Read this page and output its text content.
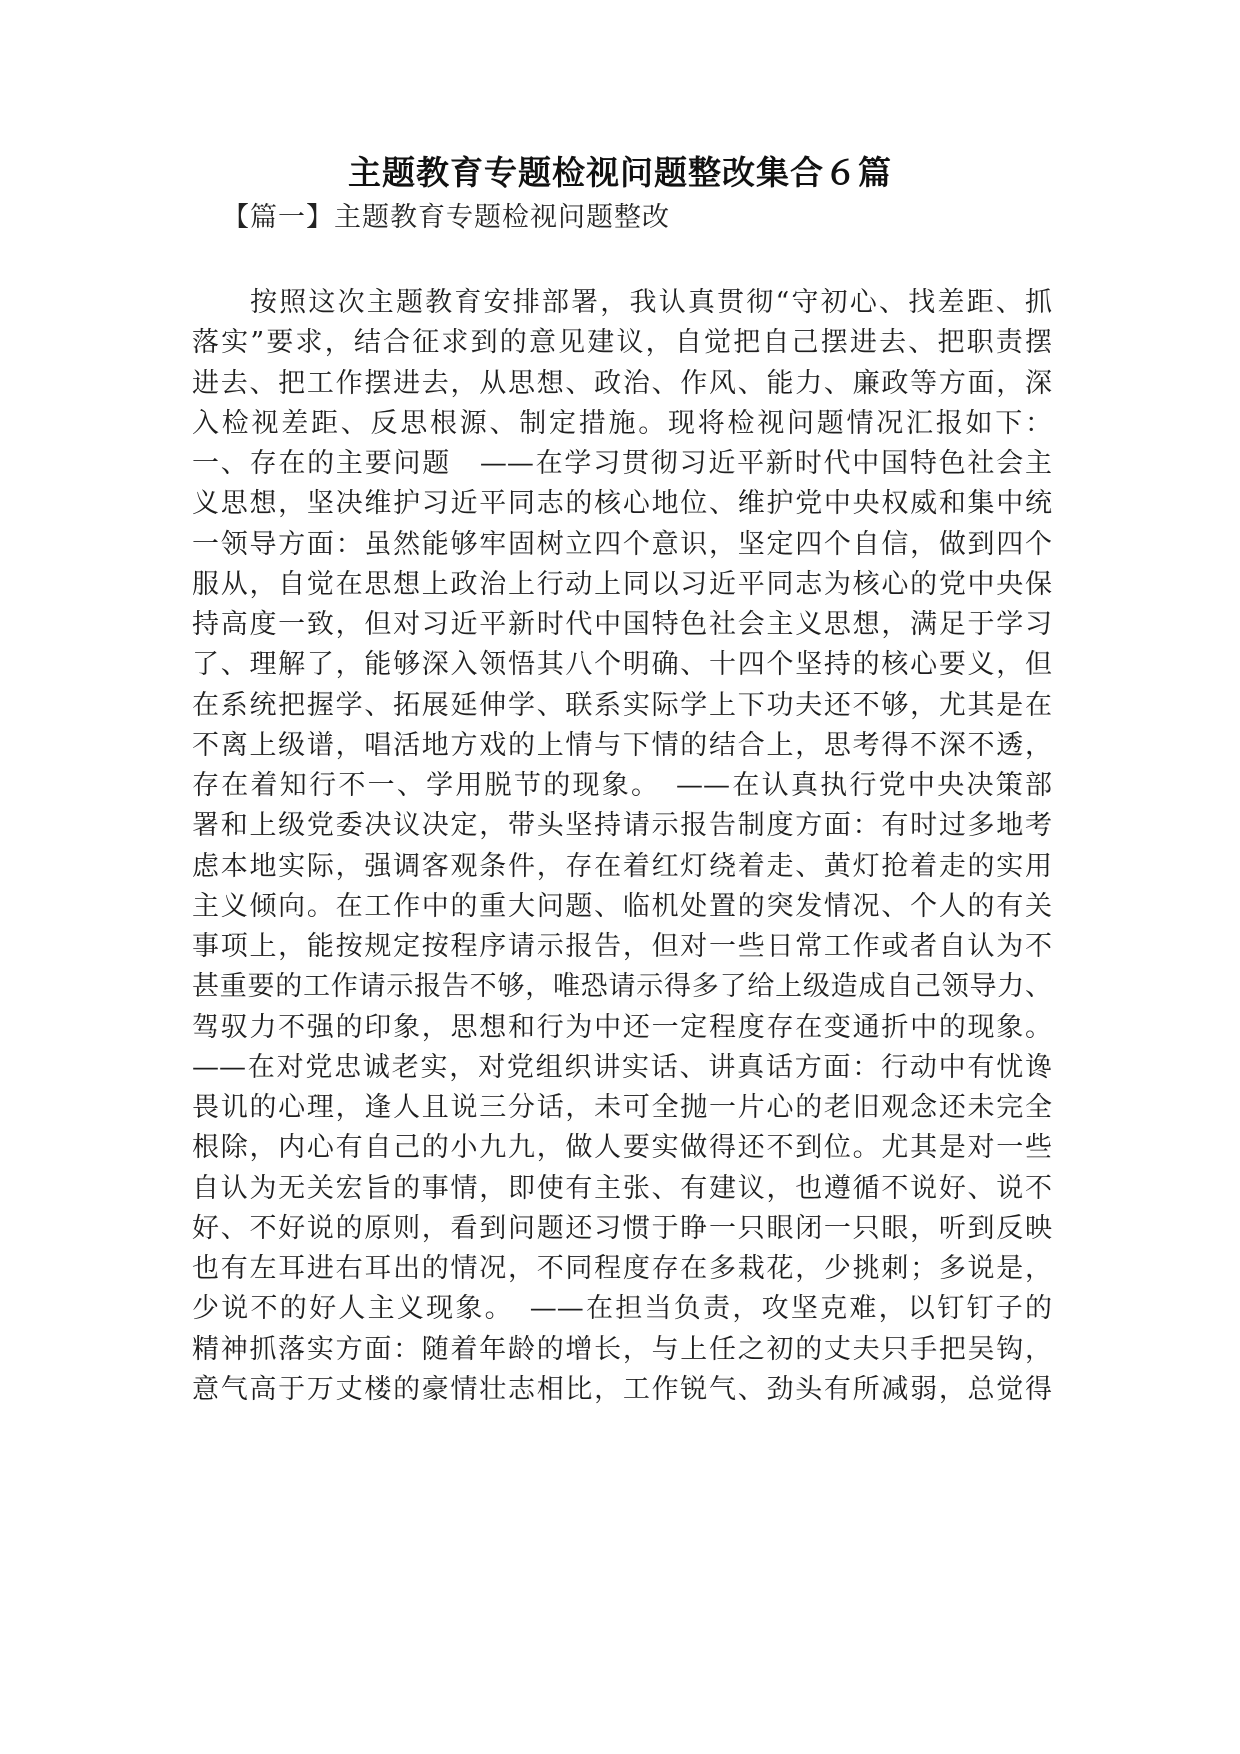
主题教育专题检视问题整改集合６篇
【篇一】主题教育专题检视问题整改
按照这次主题教育安排部署，我认真贯彻“守初心、找差距、抓
落实”要求，结合征求到的意见建议，自觉把自己摆进去、把职责摆
进去、把工作摆进去，从思想、政治、作风、能力、廉政等方面，深
入检视差距、反思根源、制定措施。现将检视问题情况汇报如下：
一、存在的主要问题　——在学习贯彻习近平新时代中国特色社会主
义思想，坚决维护习近平同志的核心地位、维护党中央权威和集中统
一领导方面：虽然能够牢固树立四个意识，坚定四个自信，做到四个
服从，自觉在思想上政治上行动上同以习近平同志为核心的党中央保
持高度一致，但对习近平新时代中国特色社会主义思想，满足于学习
了、理解了，能够深入领悟其八个明确、十四个坚持的核心要义，但
在系统把握学、拓展延伸学、联系实际学上下功夫还不够，尤其是在
不离上级谱，唱活地方戏的上情与下情的结合上，思考得不深不透，
存在着知行不一、学用脱节的现象。　——在认真执行党中央决策部
署和上级党委决议决定，带头坚持请示报告制度方面：有时过多地考
虑本地实际，强调客观条件，存在着红灯绕着走、黄灯抢着走的实用
主义倾向。在工作中的重大问题、临机处置的突发情况、个人的有关
事项上，能按规定按程序请示报告，但对一些日常工作或者自认为不
甚重要的工作请示报告不够，唯恐请示得多了给上级造成自己领导力、
驾驭力不强的印象，思想和行为中还一定程度存在变通折中的现象。
——在对党忠诚老实，对党组织讲实话、讲真话方面：行动中有忧谗
畏讥的心理，逢人且说三分话，未可全抛一片心的老旧观念还未完全
根除，内心有自己的小九九，做人要实做得还不到位。尤其是对一些
自认为无关宏旨的事情，即使有主张、有建议，也遵循不说好、说不
好、不好说的原则，看到问题还习惯于睁一只眼闭一只眼，听到反映
也有左耳进右耳出的情况，不同程度存在多栽花，少挑刺；多说是，
少说不的好人主义现象。　——在担当负责，攻坚克难，以钉钉子的
精神抓落实方面：随着年龄的增长，与上任之初的丈夫只手把吴钩，
意气高于万丈楼的豪情壮志相比，工作锐气、劲头有所减弱，总觉得
